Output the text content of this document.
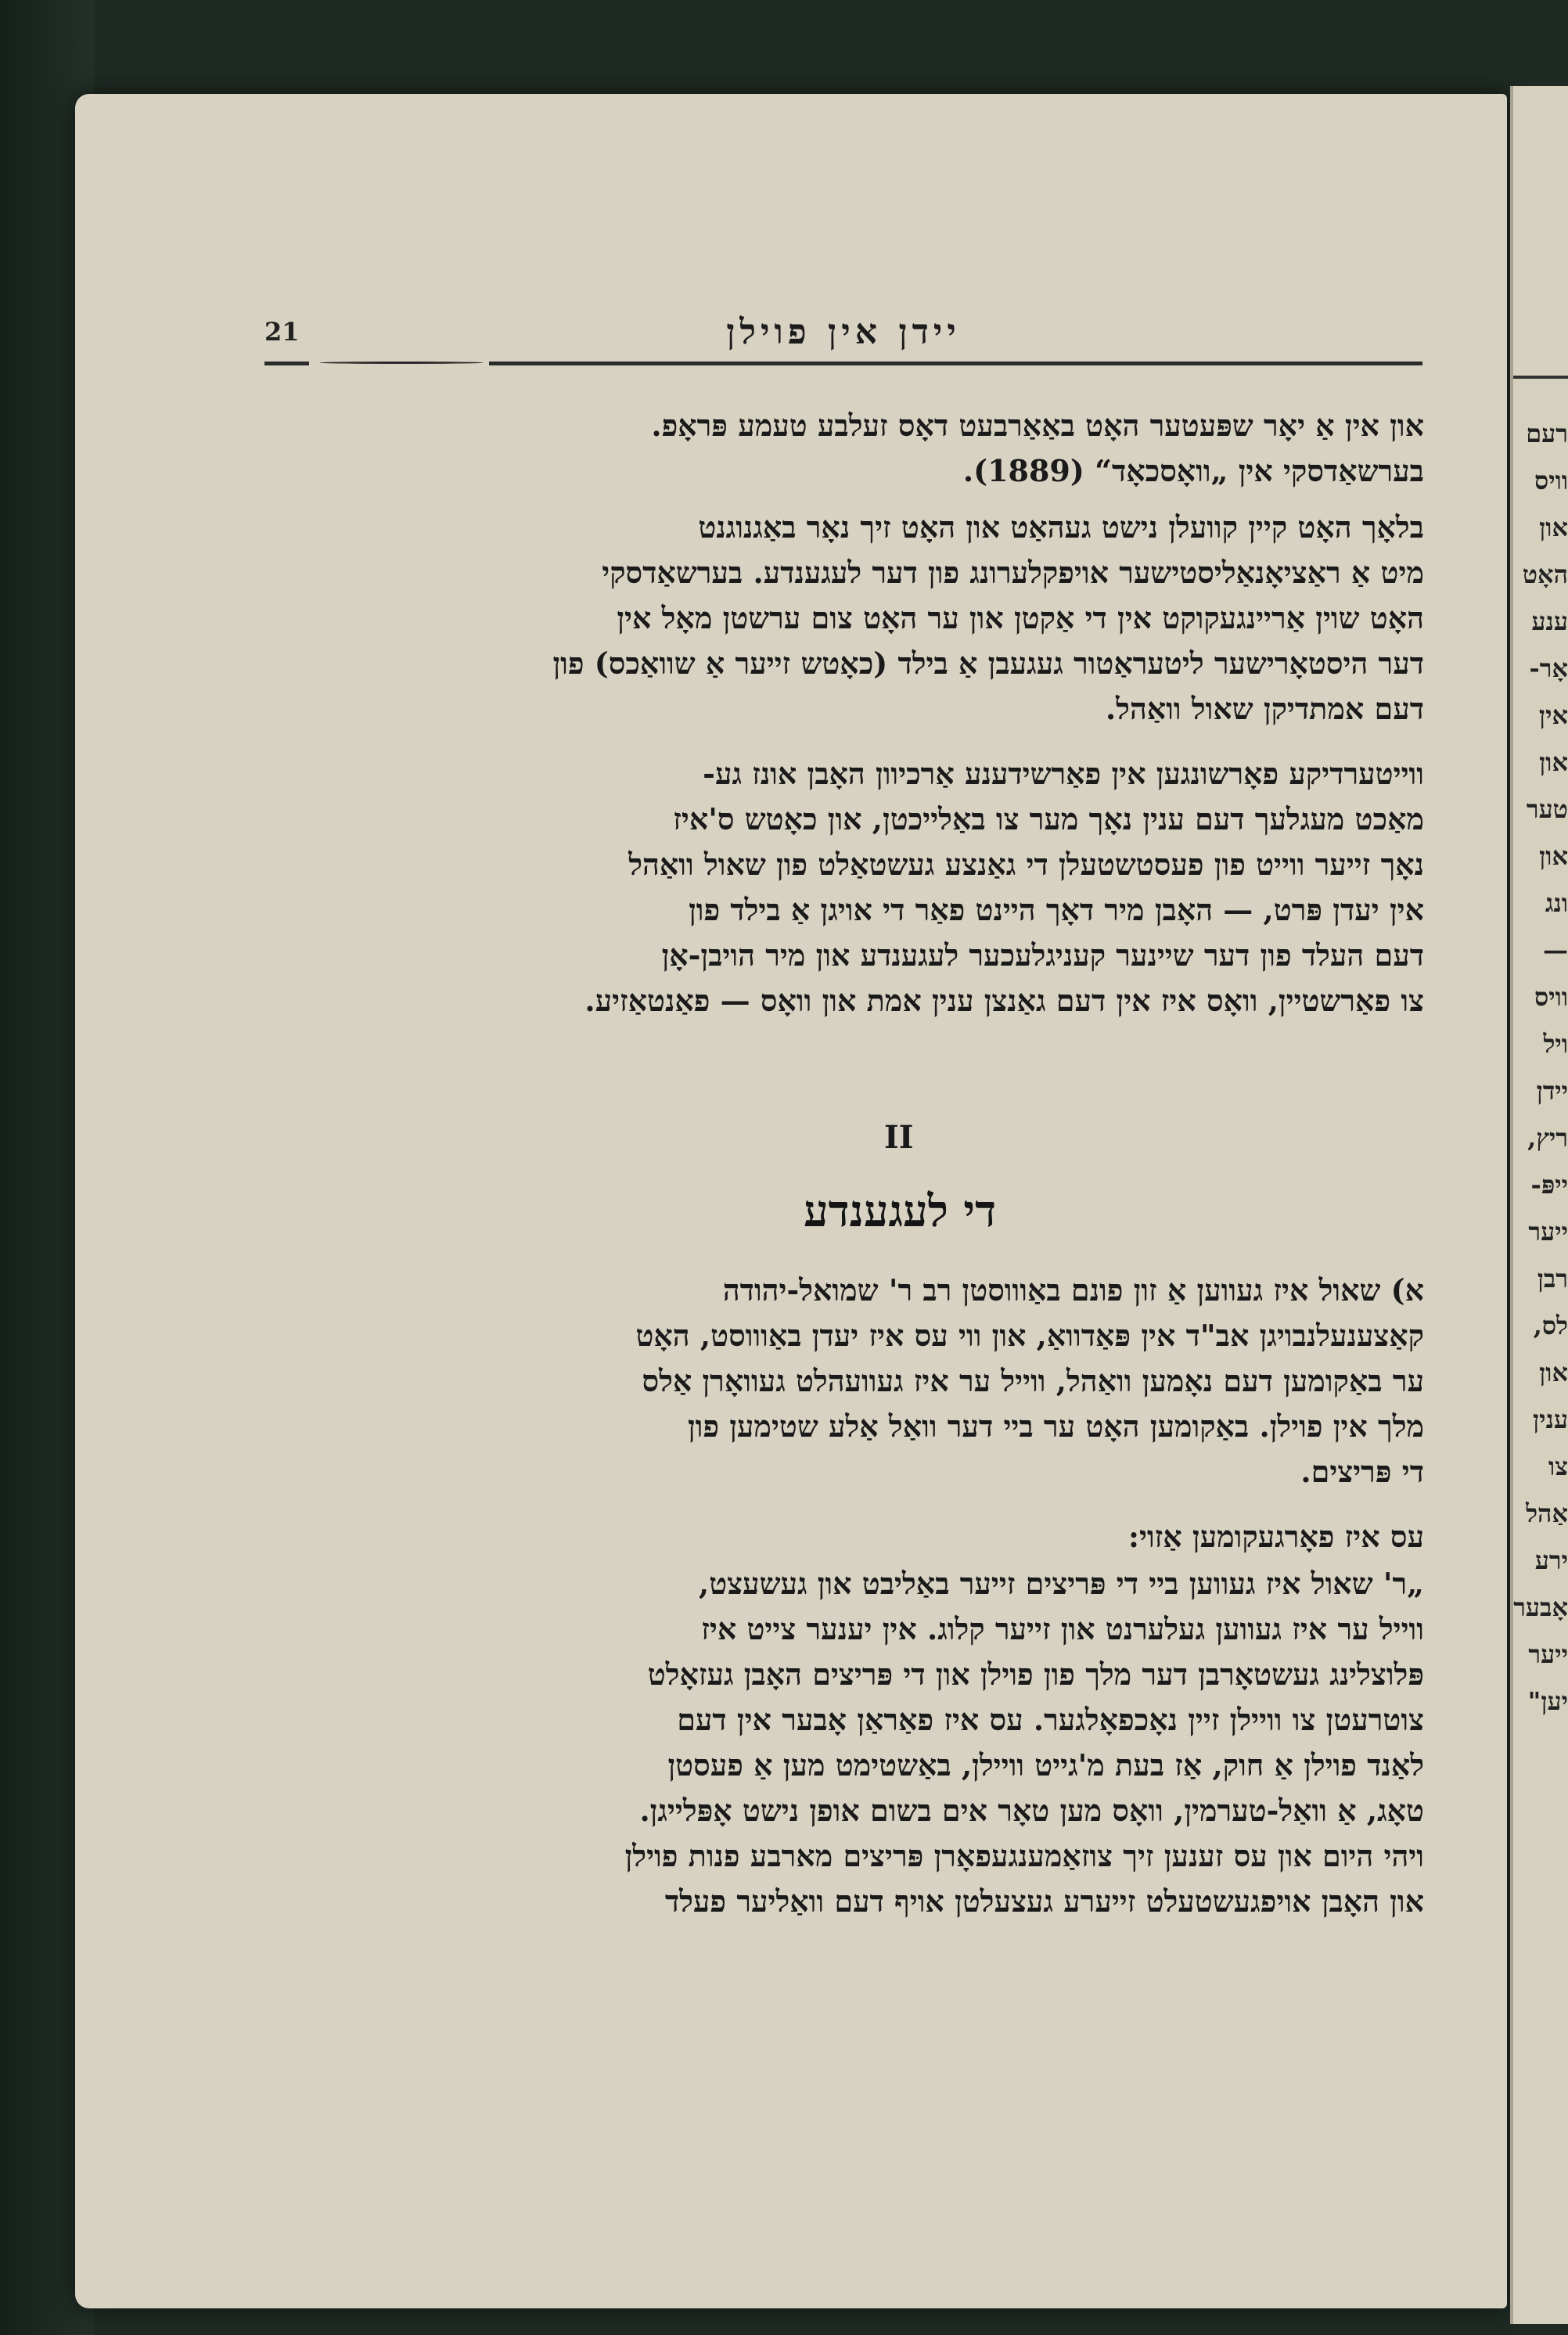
רעם
וויס
און
האָט
ענע
אָר-
אין
און
טער
און
ונג
—
וויס
ויל
יידן
ריץ,
ייפּ-
ייער
רבן
לס,
און
ענין
צו
אַהל
ירע
אָבער
ייער
יען"
21	יידן אין פוילן

און אין אַ יאָר שפּעטער האָט באַאַרבעט דאָס זעלבע טעמע פּראָפ.
בערשאַדסקי אין „וואָסכאָד“ (1889).

בלאָך האָט קיין קוועלן נישט געהאַט און האָט זיך נאָר באַגנוגנט
מיט אַ ראַציאָנאַליסטישער אויפקלערונג פון דער לעגענדע. בערשאַדסקי
האָט שוין אַריינגעקוקט אין די אַקטן און ער האָט צום ערשטן מאָל אין
דער היסטאָרישער ליטעראַטור געגעבן אַ בילד (כאָטש זייער אַ שוואַכס) פון
דעם אמתדיקן שאול וואַהל.

ווייטערדיקע פאָרשונגען אין פאַרשידענע אַרכיוון האָבן אונז גע-
מאַכט מעגלעך דעם ענין נאָך מער צו באַלייכטן, און כאָטש ס'איז
נאָך זייער ווייט פון פעסטשטעלן די גאַנצע געשטאַלט פון שאול וואַהל
אין יעדן פּרט, — האָבן מיר דאָך היינט פאַר די אויגן אַ בילד פון
דעם העלד פון דער שיינער קעניגלעכער לעגענדע און מיר הויבן-אָן
צו פאַרשטיין, וואָס איז אין דעם גאַנצן ענין אמת און וואָס — פאַנטאַזיע.

II
די לעגענדע

א) שאול איז געווען אַ זון פונם באַוווסטן רב ר' שמואל-יהודה
קאַצענעלנבויגן אב"ד אין פּאַדוואַ, און ווי עס איז יעדן באַוווסט, האָט
ער באַקומען דעם נאָמען וואַהל, ווייל ער איז געוועהלט געוואָרן אַלס
מלך אין פוילן. באַקומען האָט ער ביי דער וואַל אַלע שטימען פון
די פּריצים.

עס איז פאָרגעקומען אַזוי:

„ר' שאול איז געווען ביי די פּריצים זייער באַליבט און געשעצט,
ווייל ער איז געווען געלערנט און זייער קלוג. אין יענער צייט איז
פּלוצלינג געשטאָרבן דער מלך פון פוילן און די פּריצים האָבן געזאָלט
צוטרעטן צו וויילן זיין נאָכפאָלגער. עס איז פאַראַן אָבער אין דעם
לאַנד פוילן אַ חוק, אַז בעת מ'גייט וויילן, באַשטימט מען אַ פעסטן
טאָג, אַ וואַל-טערמין, וואָס מען טאָר אים בשום אופן נישט אָפּלייגן.
ויהי היום און עס זענען זיך צוזאַמענגעפאָרן פּריצים מארבע פנות פוילן
און האָבן אויפגעשטעלט זייערע געצעלטן אויף דעם וואַליער פעלד
